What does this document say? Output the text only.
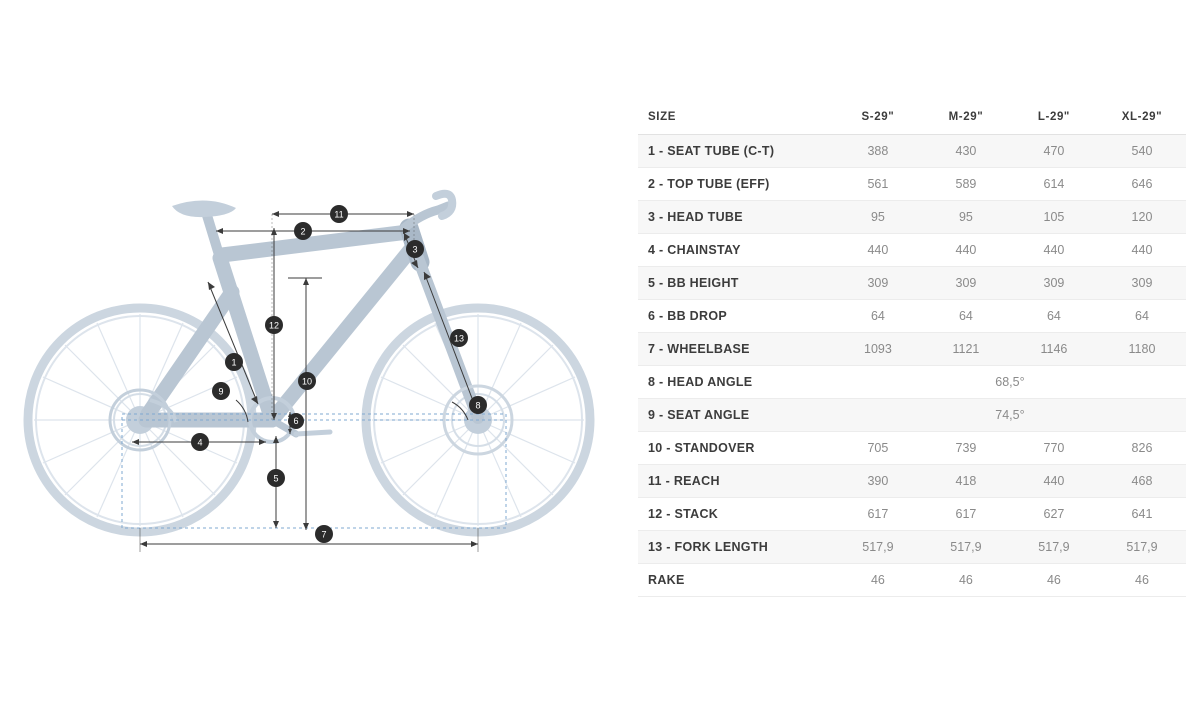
1
2
3
4
5
6
7
8
9
10
11
12
13
SIZE	S-29"	M-29"	L-29"	XL-29"
1 - SEAT TUBE (C-T)	388	430	470	540
2 - TOP TUBE (EFF)	561	589	614	646
3 - HEAD TUBE	95	95	105	120
4 - CHAINSTAY	440	440	440	440
5 - BB HEIGHT	309	309	309	309
6 - BB DROP	64	64	64	64
7 - WHEELBASE	1093	1121	1146	1180
8 - HEAD ANGLE	68,5°			
9 - SEAT ANGLE	74,5°			
10 - STANDOVER	705	739	770	826
11 - REACH	390	418	440	468
12 - STACK	617	617	627	641
13 - FORK LENGTH	517,9	517,9	517,9	517,9
RAKE	46	46	46	46
